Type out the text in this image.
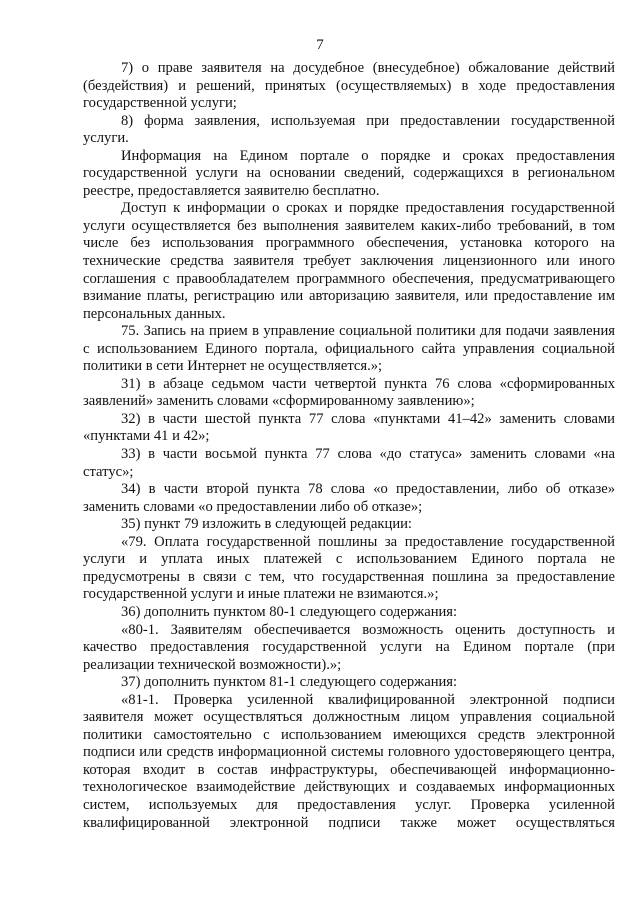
7

7) о праве заявителя на досудебное (внесудебное) обжалование действий (бездействия) и решений, принятых (осуществляемых) в ходе предоставления государственной услуги;

8) форма заявления, используемая при предоставлении государственной услуги.

Информация на Едином портале о порядке и сроках предоставления государственной услуги на основании сведений, содержащихся в региональном реестре, предоставляется заявителю бесплатно.

Доступ к информации о сроках и порядке предоставления государственной услуги осуществляется без выполнения заявителем каких-либо требований, в том числе без использования программного обеспечения, установка которого на технические средства заявителя требует заключения лицензионного или иного соглашения с правообладателем программного обеспечения, предусматривающего взимание платы, регистрацию или авторизацию заявителя, или предоставление им персональных данных.

75. Запись на прием в управление социальной политики для подачи заявления с использованием Единого портала, официального сайта управления социальной политики в сети Интернет не осуществляется.»;

31) в абзаце седьмом части четвертой пункта 76 слова «сформированных заявлений» заменить словами «сформированному заявлению»;

32) в части шестой пункта 77 слова «пунктами 41–42» заменить словами «пунктами 41 и 42»;

33) в части восьмой пункта 77 слова «до статуса» заменить словами «на статус»;

34) в части второй пункта 78 слова «о предоставлении, либо об отказе» заменить словами «о предоставлении либо об отказе»;

35) пункт 79 изложить в следующей редакции:

«79. Оплата государственной пошлины за предоставление государственной услуги и уплата иных платежей с использованием Единого портала не предусмотрены в связи с тем, что государственная пошлина за предоставление государственной услуги и иные платежи не взимаются.»;

36) дополнить пунктом 80-1 следующего содержания:

«80-1. Заявителям обеспечивается возможность оценить доступность и качество предоставления государственной услуги на Едином портале (при реализации технической возможности).»;

37) дополнить пунктом 81-1 следующего содержания:

«81-1. Проверка усиленной квалифицированной электронной подписи заявителя может осуществляться должностным лицом управления социальной политики самостоятельно с использованием имеющихся средств электронной подписи или средств информационной системы головного удостоверяющего центра, которая входит в состав инфраструктуры, обеспечивающей информационно-технологическое взаимодействие действующих и создаваемых информационных систем, используемых для предоставления услуг. Проверка усиленной квалифицированной электронной подписи также может осуществляться
